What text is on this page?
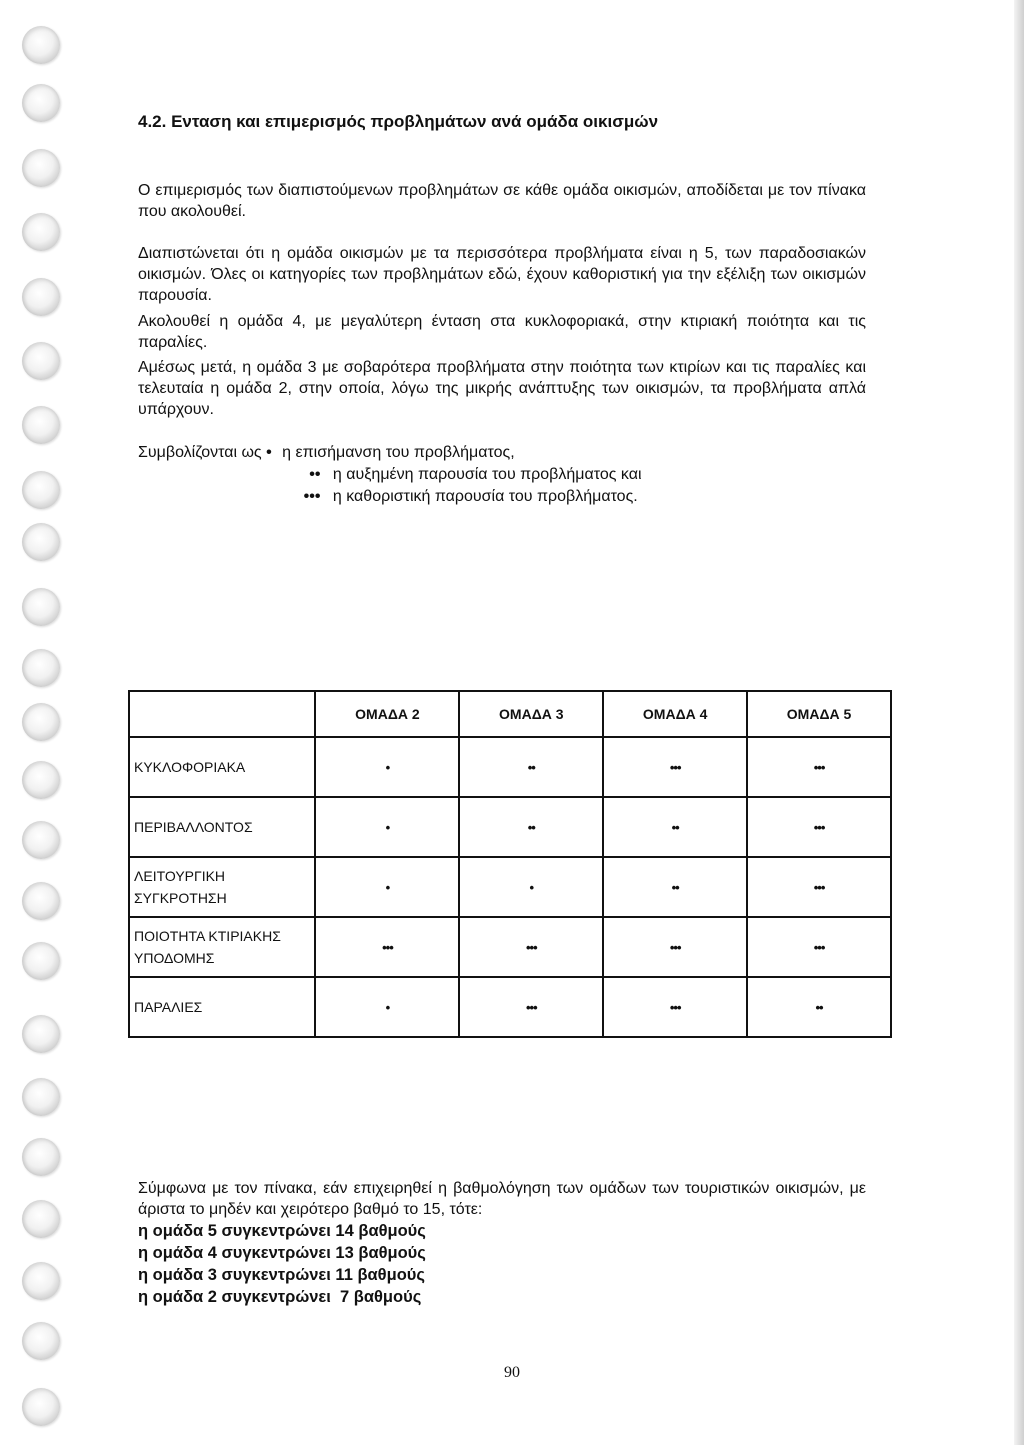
4.2. Ενταση και επιμερισμός προβλημάτων ανά ομάδα οικισμών

Ο επιμερισμός των διαπιστούμενων προβλημάτων σε κάθε ομάδα οικισμών, αποδίδεται με τον πίνακα που ακολουθεί.

Διαπιστώνεται ότι η ομάδα οικισμών με τα περισσότερα προβλήματα είναι η 5, των παραδοσιακών οικισμών. Όλες οι κατηγορίες των προβλημάτων εδώ, έχουν καθοριστική για την εξέλιξη των οικισμών παρουσία.

Ακολουθεί η ομάδα 4, με μεγαλύτερη ένταση στα κυκλοφοριακά, στην κτιριακή ποιότητα και τις παραλίες.

Αμέσως μετά, η ομάδα 3 με σοβαρότερα προβλήματα στην ποιότητα των κτιρίων και τις παραλίες και τελευταία η ομάδα 2, στην οποία, λόγω της μικρής ανάπτυξης των οικισμών, τα προβλήματα απλά υπάρχουν.

Συμβολίζονται ως • η επισήμανση του προβλήματος,
•• η αυξημένη παρουσία του προβλήματος και
••• η καθοριστική παρουσία του προβλήματος.
	ΟΜΑΔΑ 2	ΟΜΑΔΑ 3	ΟΜΑΔΑ 4	ΟΜΑΔΑ 5
ΚΥΚΛΟΦΟΡΙΑΚΑ	•	••	•••	•••
ΠΕΡΙΒΑΛΛΟΝΤΟΣ	•	••	••	•••
ΛΕΙΤΟΥΡΓΙΚΗ
ΣΥΓΚΡΟΤΗΣΗ	•	•	••	•••
ΠΟΙΟΤΗΤΑ ΚΤΙΡΙΑΚΗΣ
ΥΠΟΔΟΜΗΣ	•••	•••	•••	•••
ΠΑΡΑΛΙΕΣ	•	•••	•••	••

Σύμφωνα με τον πίνακα, εάν επιχειρηθεί η βαθμολόγηση των ομάδων των τουριστικών οικισμών, με άριστα το μηδέν και χειρότερο βαθμό το 15, τότε:

η ομάδα 5 συγκεντρώνει 14 βαθμούς

η ομάδα 4 συγκεντρώνει 13 βαθμούς

η ομάδα 3 συγκεντρώνει 11 βαθμούς

η ομάδα 2 συγκεντρώνει  7 βαθμούς

90
